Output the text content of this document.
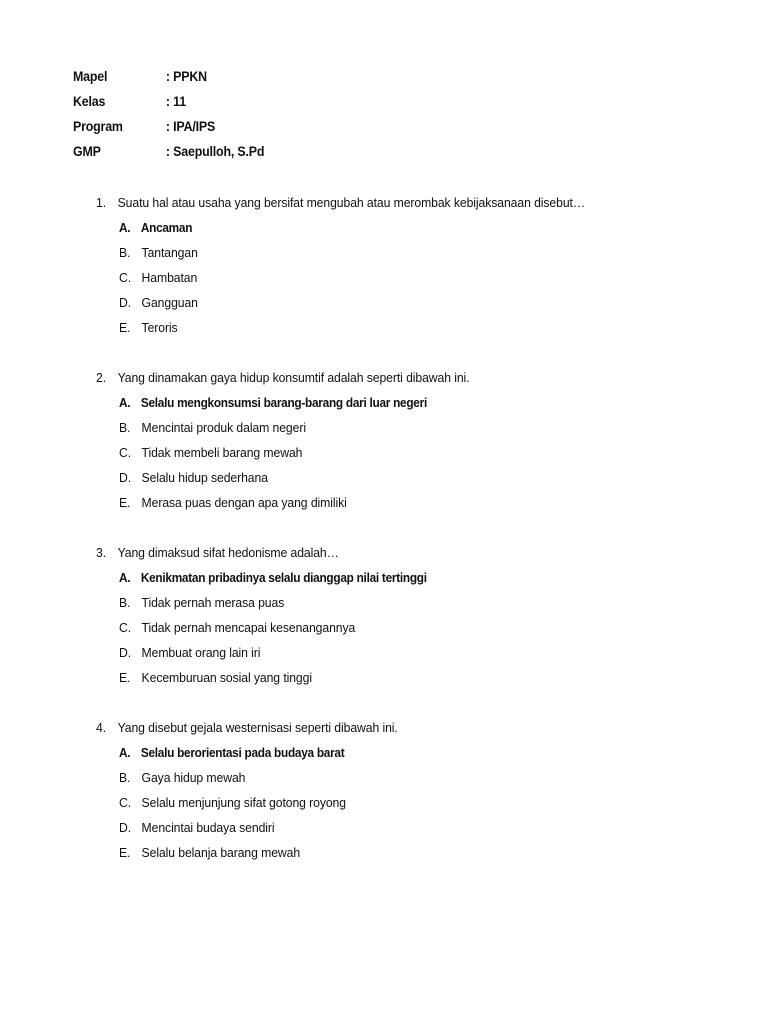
Mapel	: PPKN
Kelas	: 11
Program	: IPA/IPS
GMP	: Saepulloh, S.Pd
1. Suatu hal atau usaha yang bersifat mengubah atau merombak kebijaksanaan disebut…
A. Ancaman
B. Tantangan
C. Hambatan
D. Gangguan
E. Teroris
2. Yang dinamakan gaya hidup konsumtif adalah seperti dibawah ini.
A. Selalu mengkonsumsi barang-barang dari luar negeri
B. Mencintai produk dalam negeri
C. Tidak membeli barang mewah
D. Selalu hidup sederhana
E. Merasa puas dengan apa yang dimiliki
3. Yang dimaksud sifat hedonisme adalah…
A. Kenikmatan pribadinya selalu dianggap nilai tertinggi
B. Tidak pernah merasa puas
C. Tidak pernah mencapai kesenangannya
D. Membuat orang lain iri
E. Kecemburuan sosial yang tinggi
4. Yang disebut gejala westernisasi seperti dibawah ini.
A. Selalu berorientasi pada budaya barat
B. Gaya hidup mewah
C. Selalu menjunjung sifat gotong royong
D. Mencintai budaya sendiri
E. Selalu belanja barang mewah
